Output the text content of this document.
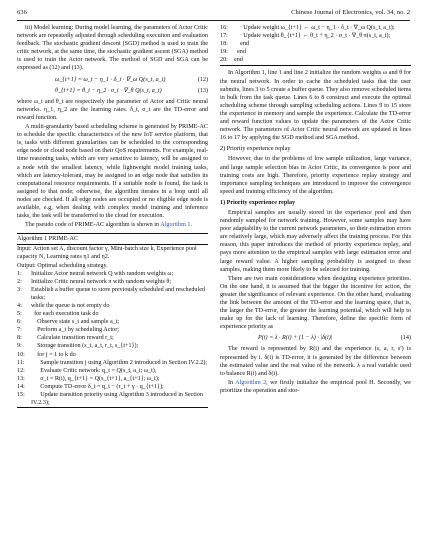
636	Chinese Journal of Electronics, vol. 34, no. 2

iii) Model learning: During model learning, the parameters of Actor Critic network are repeatedly adjusted through scheduling execution and evaluation feedback. The stochastic gradient descent (SGD) method is used to train the critic network, at the same time, the stochastic gradient ascent (SGA) method is used to train the Actor network. The method of SGD and SGA can be expressed as (12) and (13).

ω_{t+1} = ω_t − η_1 · δ_t · ∇_ω Q(s_t, a_t)	(12)
θ_{t+1} = θ_t − η_2 · σ_t · ∇_θ Q(s_t, a_t)	(13)

where ω_t and θ_t are respectively the parameter of Actor and Critic neural networks. η_1, η_2 are the learning rates. δ_t, σ_t are the TD-error and reward function.

A multi-granularity based scheduling scheme is generated by PRIME-AC to schedule the specific characteristics of the new IoT service platform, that is, tasks with different granularities can be scheduled to the corresponding edge node or cloud node based on their QoS requirements. For example, real-time reasoning tasks, which are very sensitive to latency, will be assigned to a node with the smallest latency, while lightweight model training tasks, which are latency-tolerant, may be assigned to an edge node that satisfies its computational resource requirements. If a suitable node is found, the task is assigned to that node; otherwise, the algorithm iterates in a loop until all nodes are checked. If all edge nodes are occupied or no eligible edge node is available, e.g, when dealing with complex model training and inference tasks, the task will be transferred to the cloud for execution.

The pseudo code of PRIME-AC algorithm is shown in Algorithm 1.

Algorithm 1 PRIME-AC
Input: Action set A, discount factor γ, Mini-batch size k, Experience pool capacity N, Learning rates η1 and η2.
Output: Optimal scheduling strategy.
1:	Initialize Actor neural network Q with random weights ω;
2:	Initialize Critic neural network π with random weights θ;
3:	Establish a buffer queue to store previously scheduled and rescheduled tasks;
4:	while the queue is not empty do
5:	for each execution task do
6:	Observe state s_t and sample a_t;
7:	Perform a_t by scheduling Actor;
8:	Calculate transition reward r_t;
9:	Storage transition (s_t, a_t, r_t, s_{t+1});
10: for j = 1 to k do
11:	Sample transition j using Algorithm 2 introduced in Section IV.2.2);
12: Evaluate Critic network: q_t = Q(s_t, a_t; ω_t),
13: σ_t = R(i), q_{t+1} = Q(s_{t+1}, a_{t+1}; ω_t);
14: Compute TD-error δ_t = q_t − (r_t + γ · q_{t+1});
15: Update transition priority using Algorithm 3 introduced in Section IV.2.3);
16: Update weight ω_{t+1} ← ω_t − η_1 · δ_t · ∇_ω Q(s_t, a_t);
17: Update weight θ_{t+1} ← θ_t + η_2 · σ_t · ∇_θ π(s_t, a_t);
18: end
19: end
20: end

In Algorithm 1, line 1 and line 2 initialize the random weights ω and θ for the neural network. In order to cache the scheduled tasks that the user submits, lines 3 to 5 create a buffer queue. They also remove scheduled items in bulk from the task queue. Lines 6 to 8 construct and execute the optimal scheduling scheme through sampling scheduling actions. Lines 9 to 15 store the experience in memory and sample the experience. Calculate the TD-error and reward function values to update the parameters of the Actor Critic network. The parameters of Actor Critic neural network are updated in lines 16 to 17 by applying the SGD method and SGA method.

2) Priority experience replay

However, due to the problems of low sample utilization, large variance, and large sample selection bias in Actor Critic, its convergence is poor and training costs are high. Therefore, priority experience replay strategy and importance sampling techniques are introduced to improve the convergence speed and training efficiency of the algorithm.

1) Priority experience replay

Empirical samples are usually stored in the experience pool and then randomly sampled for network training. However, some samples may have poor adaptability to the current network parameters, so their estimation errors are relatively large, which may adversely affect the training process. For this reason, this paper introduces the method of priority experience replay, and pays more attention to the empirical samples with large estimation error and large reward value. A higher sampling probability is assigned to these samples, making them more likely to be selected for training.

There are two main considerations when designing experience priorities. On the one hand, it is assumed that the bigger the incentive for action, the greater the significance of relevant experience. On the other hand, evaluating the link between the amount of the TD-error and the learning space, that is, the larger the TD-error, the greater the learning potential, which will help to make up for the lack of learning. Therefore, define the specific form of experience priority as

P(i) = λ · R(i) + (1 − λ) · |δ(i)|	(14)

The reward is represented by R(i) and the experience (s, a, r, s′) is represented by i. δ(i) is TD-error, it is generated by the difference between the estimated value and the real value of the network. λ a real variable used to balance R(i) and δ(i).

In Algorithm 2, we firstly initialize the empirical pool H. Secondly, we prioritize the operation and stor-
